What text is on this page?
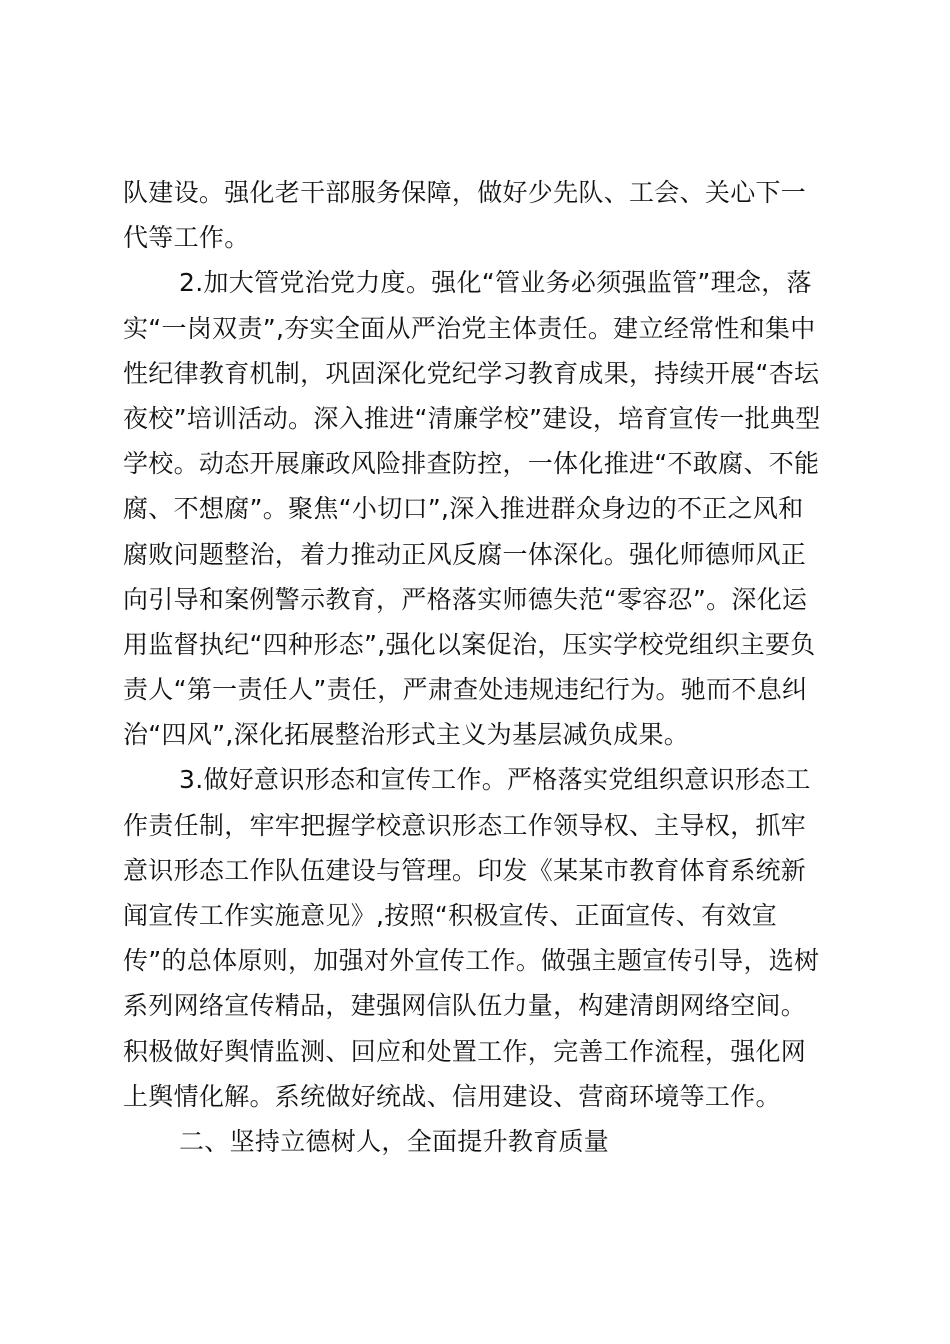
队建设。强化老干部服务保障，做好少先队、工会、关心下一
代等工作。
2.加大管党治党力度。强化“管业务必须强监管”理念，落
实“一岗双责”,夯实全面从严治党主体责任。建立经常性和集中
性纪律教育机制，巩固深化党纪学习教育成果，持续开展“杏坛
夜校”培训活动。深入推进“清廉学校”建设，培育宣传一批典型
学校。动态开展廉政风险排查防控，一体化推进“不敢腐、不能
腐、不想腐”。聚焦“小切口”,深入推进群众身边的不正之风和
腐败问题整治，着力推动正风反腐一体深化。强化师德师风正
向引导和案例警示教育，严格落实师德失范“零容忍”。深化运
用监督执纪“四种形态”,强化以案促治，压实学校党组织主要负
责人“第一责任人”责任，严肃查处违规违纪行为。驰而不息纠
治“四风”,深化拓展整治形式主义为基层减负成果。
3.做好意识形态和宣传工作。严格落实党组织意识形态工
作责任制，牢牢把握学校意识形态工作领导权、主导权，抓牢
意识形态工作队伍建设与管理。印发《某某市教育体育系统新
闻宣传工作实施意见》,按照“积极宣传、正面宣传、有效宣
传”的总体原则，加强对外宣传工作。做强主题宣传引导，选树
系列网络宣传精品，建强网信队伍力量，构建清朗网络空间。
积极做好舆情监测、回应和处置工作，完善工作流程，强化网
上舆情化解。系统做好统战、信用建设、营商环境等工作。
二、坚持立德树人，全面提升教育质量
